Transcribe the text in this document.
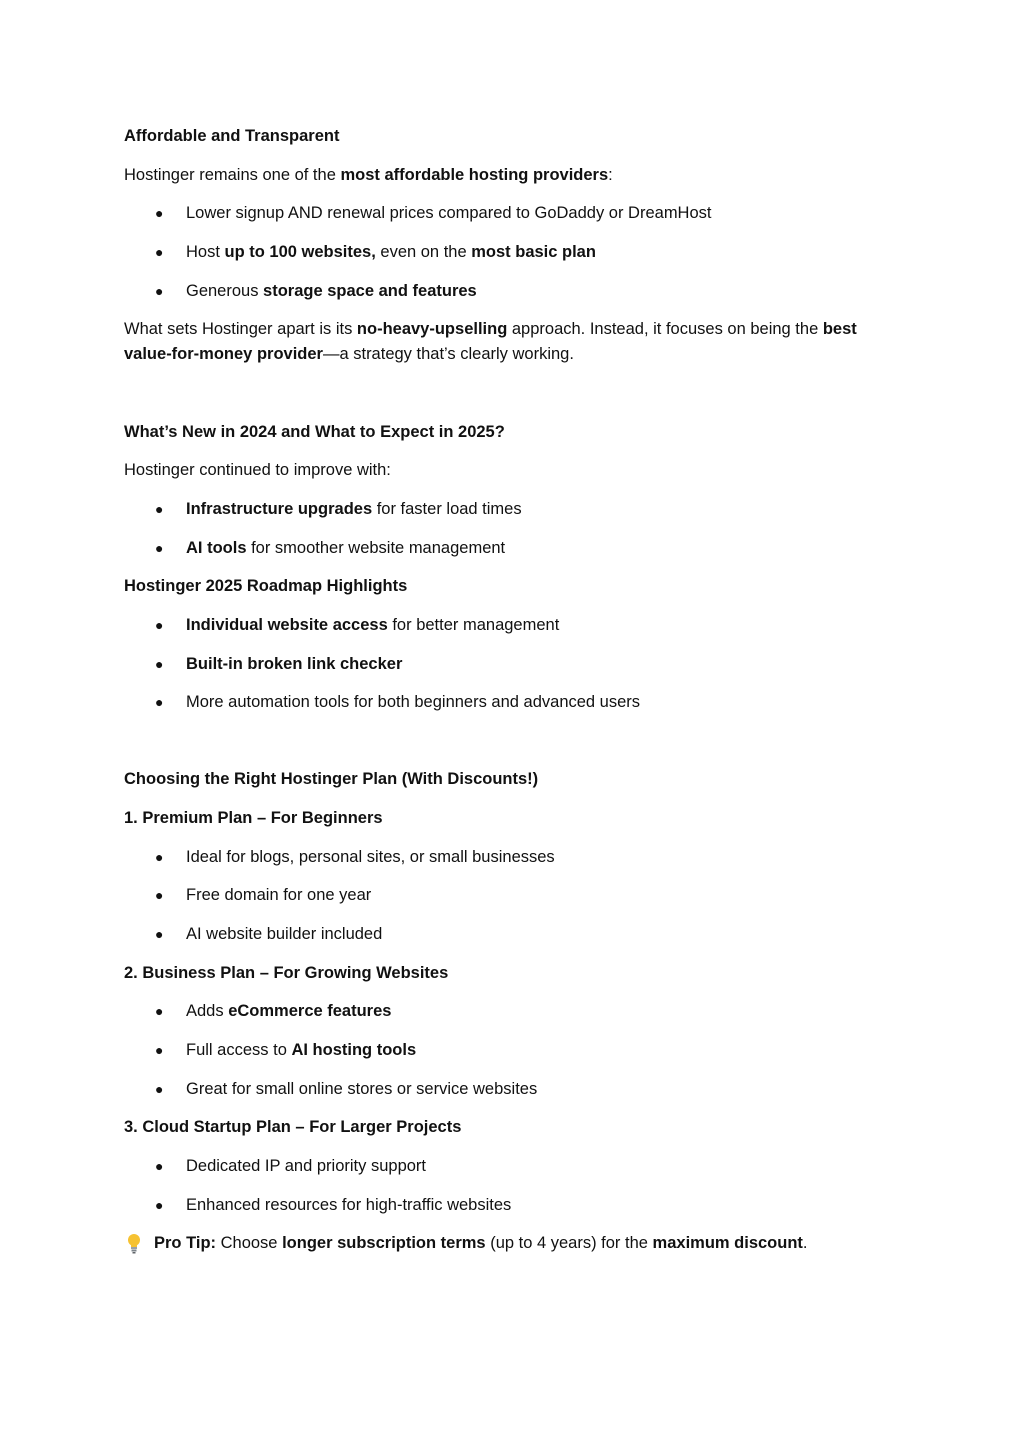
Affordable and Transparent
Hostinger remains one of the most affordable hosting providers:
● Lower signup AND renewal prices compared to GoDaddy or DreamHost
● Host up to 100 websites, even on the most basic plan
● Generous storage space and features
What sets Hostinger apart is its no-heavy-upselling approach. Instead, it focuses on being the best value-for-money provider—a strategy that’s clearly working.
What’s New in 2024 and What to Expect in 2025?
Hostinger continued to improve with:
● Infrastructure upgrades for faster load times
● AI tools for smoother website management
Hostinger 2025 Roadmap Highlights
● Individual website access for better management
● Built-in broken link checker
● More automation tools for both beginners and advanced users
Choosing the Right Hostinger Plan (With Discounts!)
1. Premium Plan – For Beginners
● Ideal for blogs, personal sites, or small businesses
● Free domain for one year
● AI website builder included
2. Business Plan – For Growing Websites
● Adds eCommerce features
● Full access to AI hosting tools
● Great for small online stores or service websites
3. Cloud Startup Plan – For Larger Projects
● Dedicated IP and priority support
● Enhanced resources for high-traffic websites
Pro Tip: Choose longer subscription terms (up to 4 years) for the maximum discount.
